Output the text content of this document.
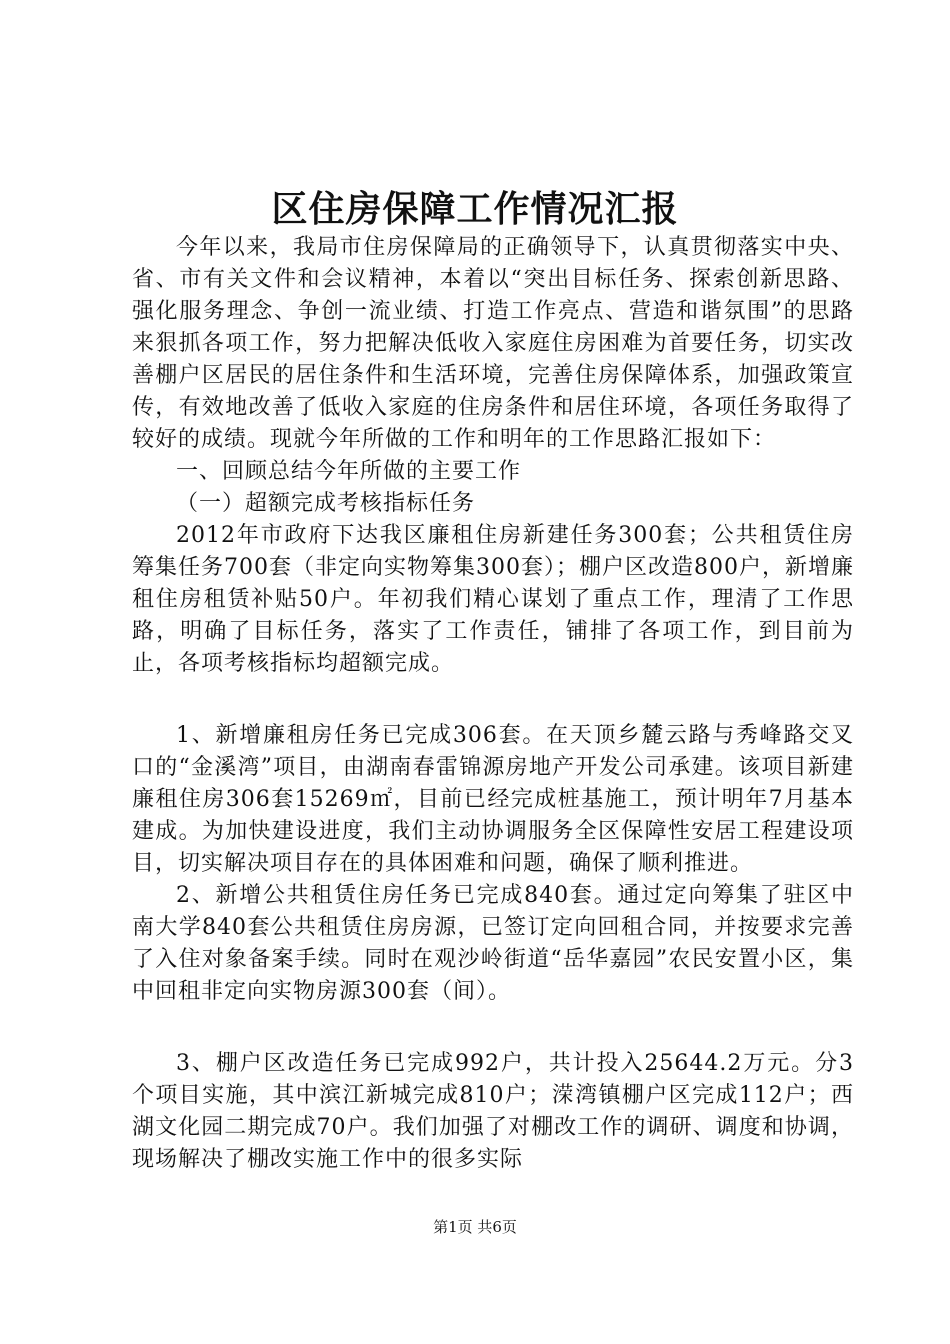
区住房保障工作情况汇报

今年以来，我局市住房保障局的正确领导下，认真贯彻落实中央、省、市有关文件和会议精神，本着以“突出目标任务、探索创新思路、强化服务理念、争创一流业绩、打造工作亮点、营造和谐氛围”的思路来狠抓各项工作，努力把解决低收入家庭住房困难为首要任务，切实改善棚户区居民的居住条件和生活环境，完善住房保障体系，加强政策宣传，有效地改善了低收入家庭的住房条件和居住环境，各项任务取得了较好的成绩。现就今年所做的工作和明年的工作思路汇报如下：

一、回顾总结今年所做的主要工作

（一）超额完成考核指标任务

2012年市政府下达我区廉租住房新建任务300套；公共租赁住房筹集任务700套（非定向实物筹集300套）；棚户区改造800户，新增廉租住房租赁补贴50户。年初我们精心谋划了重点工作，理清了工作思路，明确了目标任务，落实了工作责任，铺排了各项工作，到目前为止，各项考核指标均超额完成。

1、新增廉租房任务已完成306套。在天顶乡麓云路与秀峰路交叉口的“金溪湾”项目，由湖南春雷锦源房地产开发公司承建。该项目新建廉租住房306套15269㎡，目前已经完成桩基施工，预计明年7月基本建成。为加快建设进度，我们主动协调服务全区保障性安居工程建设项目，切实解决项目存在的具体困难和问题，确保了顺利推进。

2、新增公共租赁住房任务已完成840套。通过定向筹集了驻区中南大学840套公共租赁住房房源，已签订定向回租合同，并按要求完善了入住对象备案手续。同时在观沙岭街道“岳华嘉园”农民安置小区，集中回租非定向实物房源300套（间）。

3、棚户区改造任务已完成992户，共计投入25644.2万元。分3个项目实施，其中滨江新城完成810户；溁湾镇棚户区完成112户；西湖文化园二期完成70户。我们加强了对棚改工作的调研、调度和协调，现场解决了棚改实施工作中的很多实际

第1页 共6页
